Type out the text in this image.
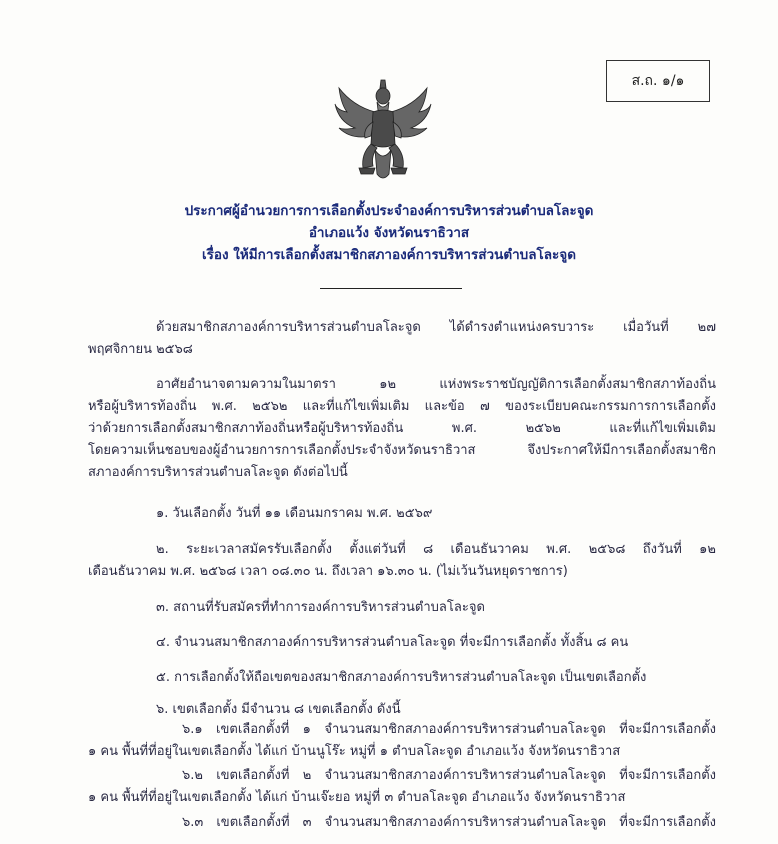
ส.ถ. ๑/๑
ประกาศผู้อำนวยการการเลือกตั้งประจำองค์การบริหารส่วนตำบลโละจูด
อำเภอแว้ง จังหวัดนราธิวาส
เรื่อง ให้มีการเลือกตั้งสมาชิกสภาองค์การบริหารส่วนตำบลโละจูด
ด้วยสมาชิกสภาองค์การบริหารส่วนตำบลโละจูด ได้ดำรงตำแหน่งครบวาระ เมื่อวันที่ ๒๗
พฤศจิกายน ๒๕๖๘
อาศัยอำนาจตามความในมาตรา ๑๒ แห่งพระราชบัญญัติการเลือกตั้งสมาชิกสภาท้องถิ่น
หรือผู้บริหารท้องถิ่น พ.ศ. ๒๕๖๒ และที่แก้ไขเพิ่มเติม และข้อ ๗ ของระเบียบคณะกรรมการการเลือกตั้ง
ว่าด้วยการเลือกตั้งสมาชิกสภาท้องถิ่นหรือผู้บริหารท้องถิ่น พ.ศ. ๒๕๖๒ และที่แก้ไขเพิ่มเติม
โดยความเห็นชอบของผู้อำนวยการการเลือกตั้งประจำจังหวัดนราธิวาส จึงประกาศให้มีการเลือกตั้งสมาชิก
สภาองค์การบริหารส่วนตำบลโละจูด ดังต่อไปนี้
๑. วันเลือกตั้ง วันที่ ๑๑ เดือนมกราคม พ.ศ. ๒๕๖๙
๒. ระยะเวลาสมัครรับเลือกตั้ง ตั้งแต่วันที่ ๘ เดือนธันวาคม พ.ศ. ๒๕๖๘ ถึงวันที่ ๑๒
เดือนธันวาคม พ.ศ. ๒๕๖๘ เวลา ๐๘.๓๐ น. ถึงเวลา ๑๖.๓๐ น. (ไม่เว้นวันหยุดราชการ)
๓. สถานที่รับสมัครที่ทำการองค์การบริหารส่วนตำบลโละจูด
๔. จำนวนสมาชิกสภาองค์การบริหารส่วนตำบลโละจูด ที่จะมีการเลือกตั้ง ทั้งสิ้น ๘ คน
๕. การเลือกตั้งให้ถือเขตของสมาชิกสภาองค์การบริหารส่วนตำบลโละจูด เป็นเขตเลือกตั้ง
๖. เขตเลือกตั้ง มีจำนวน ๘ เขตเลือกตั้ง ดังนี้
๖.๑ เขตเลือกตั้งที่ ๑ จำนวนสมาชิกสภาองค์การบริหารส่วนตำบลโละจูด ที่จะมีการเลือกตั้ง
๑ คน พื้นที่ที่อยู่ในเขตเลือกตั้ง ได้แก่ บ้านนูโร๊ะ หมู่ที่ ๑ ตำบลโละจูด อำเภอแว้ง จังหวัดนราธิวาส
๖.๒ เขตเลือกตั้งที่ ๒ จำนวนสมาชิกสภาองค์การบริหารส่วนตำบลโละจูด ที่จะมีการเลือกตั้ง
๑ คน พื้นที่ที่อยู่ในเขตเลือกตั้ง ได้แก่ บ้านเจ๊ะยอ หมู่ที่ ๓ ตำบลโละจูด อำเภอแว้ง จังหวัดนราธิวาส
๖.๓ เขตเลือกตั้งที่ ๓ จำนวนสมาชิกสภาองค์การบริหารส่วนตำบลโละจูด ที่จะมีการเลือกตั้ง
